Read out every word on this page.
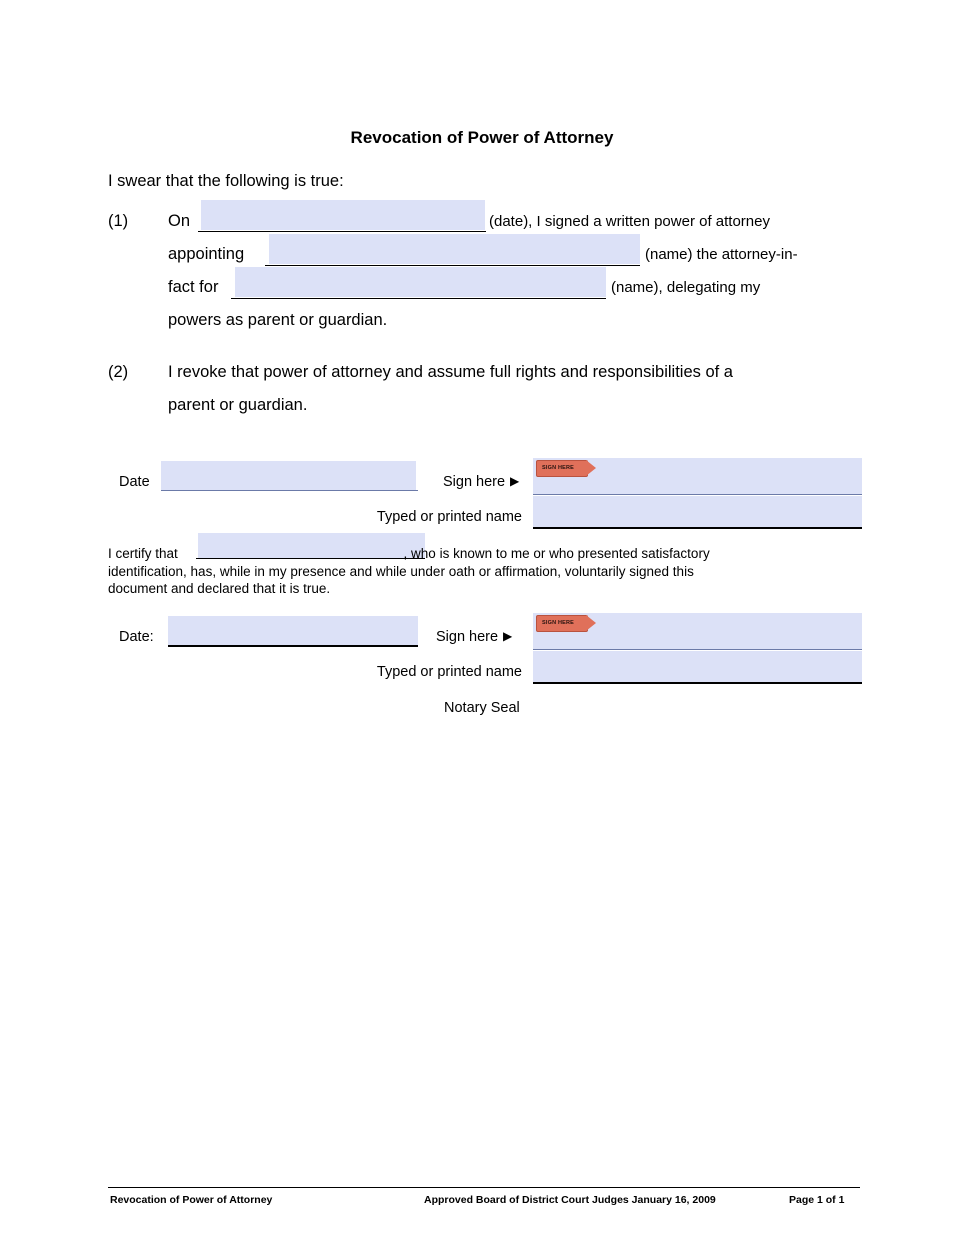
Revocation of Power of Attorney
I swear that the following is true:
(1) On	(date), I signed a written power of attorney
appointing	(name) the attorney-in-
fact for	(name), delegating my
powers as parent or guardian.
(2) I revoke that power of attorney and assume full rights and responsibilities of a
parent or guardian.
Date	Sign here ▶
SIGN HERE
Typed or printed name
I certify that	, who is known to me or who presented satisfactory
identification, has, while in my presence and while under oath or affirmation, voluntarily signed this
document and declared that it is true.
Date:	Sign here ▶
SIGN HERE
Typed or printed name
Notary Seal
Revocation of Power of Attorney	Approved Board of District Court Judges January 16, 2009	Page 1 of 1
